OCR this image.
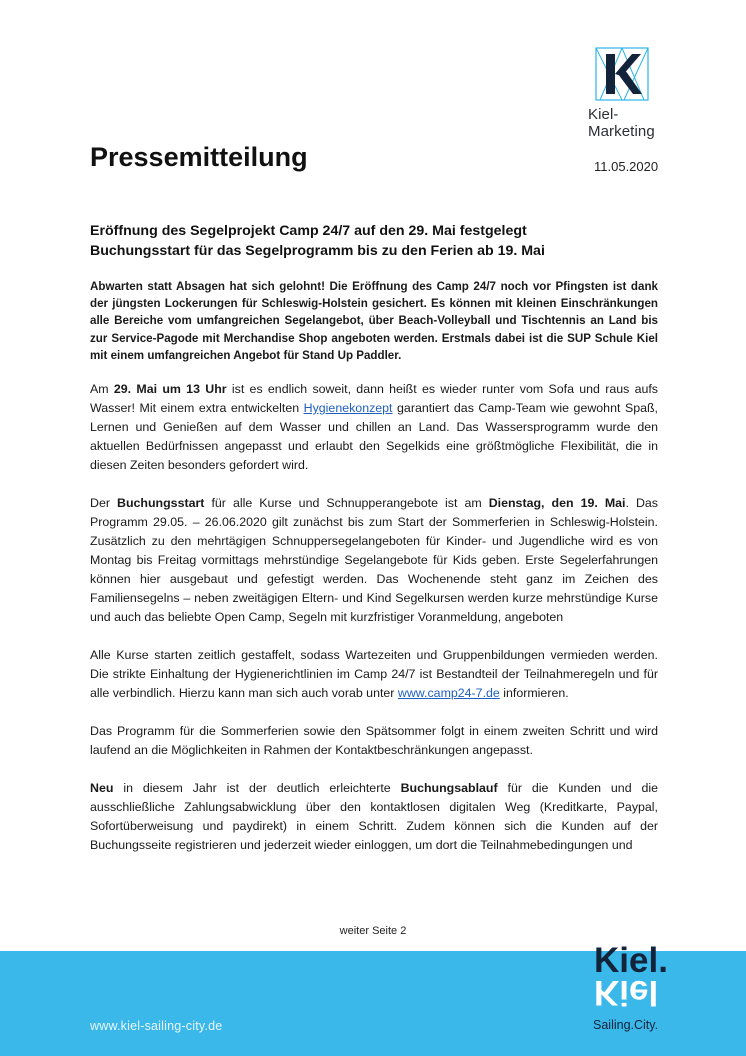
Kiel-Marketing
Pressemitteilung	11.05.2020
Eröffnung des Segelprojekt Camp 24/7 auf den 29. Mai festgelegt
Buchungsstart für das Segelprogramm bis zu den Ferien ab 19. Mai

Abwarten statt Absagen hat sich gelohnt! Die Eröffnung des Camp 24/7 noch vor Pfingsten ist dank der jüngsten Lockerungen für Schleswig-Holstein gesichert. Es können mit kleinen Einschränkungen alle Bereiche vom umfangreichen Segelangebot, über Beach-Volleyball und Tischtennis an Land bis zur Service-Pagode mit Merchandise Shop angeboten werden. Erstmals dabei ist die SUP Schule Kiel mit einem umfangreichen Angebot für Stand Up Paddler.

Am 29. Mai um 13 Uhr ist es endlich soweit, dann heißt es wieder runter vom Sofa und raus aufs Wasser! Mit einem extra entwickelten Hygienekonzept garantiert das Camp-Team wie gewohnt Spaß, Lernen und Genießen auf dem Wasser und chillen an Land. Das Wassersprogramm wurde den aktuellen Bedürfnissen angepasst und erlaubt den Segelkids eine größtmögliche Flexibilität, die in diesen Zeiten besonders gefordert wird.

Der Buchungsstart für alle Kurse und Schnupperangebote ist am Dienstag, den 19. Mai. Das Programm 29.05. – 26.06.2020 gilt zunächst bis zum Start der Sommerferien in Schleswig-Holstein. Zusätzlich zu den mehrtägigen Schnuppersegelangeboten für Kinder- und Jugendliche wird es von Montag bis Freitag vormittags mehrstündige Segelangebote für Kids geben. Erste Segelerfahrungen können hier ausgebaut und gefestigt werden. Das Wochenende steht ganz im Zeichen des Familiensegelns – neben zweitägigen Eltern- und Kind Segelkursen werden kurze mehrstündige Kurse und auch das beliebte Open Camp, Segeln mit kurzfristiger Voranmeldung, angeboten

Alle Kurse starten zeitlich gestaffelt, sodass Wartezeiten und Gruppenbildungen vermieden werden. Die strikte Einhaltung der Hygienerichtlinien im Camp 24/7 ist Bestandteil der Teilnahmeregeln und für alle verbindlich. Hierzu kann man sich auch vorab unter www.camp24-7.de informieren.

Das Programm für die Sommerferien sowie den Spätsommer folgt in einem zweiten Schritt und wird laufend an die Möglichkeiten in Rahmen der Kontaktbeschränkungen angepasst.

Neu in diesem Jahr ist der deutlich erleichterte Buchungsablauf für die Kunden und die ausschließliche Zahlungsabwicklung über den kontaktlosen digitalen Weg (Kreditkarte, Paypal, Sofortüberweisung und paydirekt) in einem Schritt. Zudem können sich die Kunden auf der Buchungsseite registrieren und jederzeit wieder einloggen, um dort die Teilnahmebedingungen und

weiter Seite 2
www.kiel-sailing-city.de
Kiel.
Kiel
Sailing.City.
